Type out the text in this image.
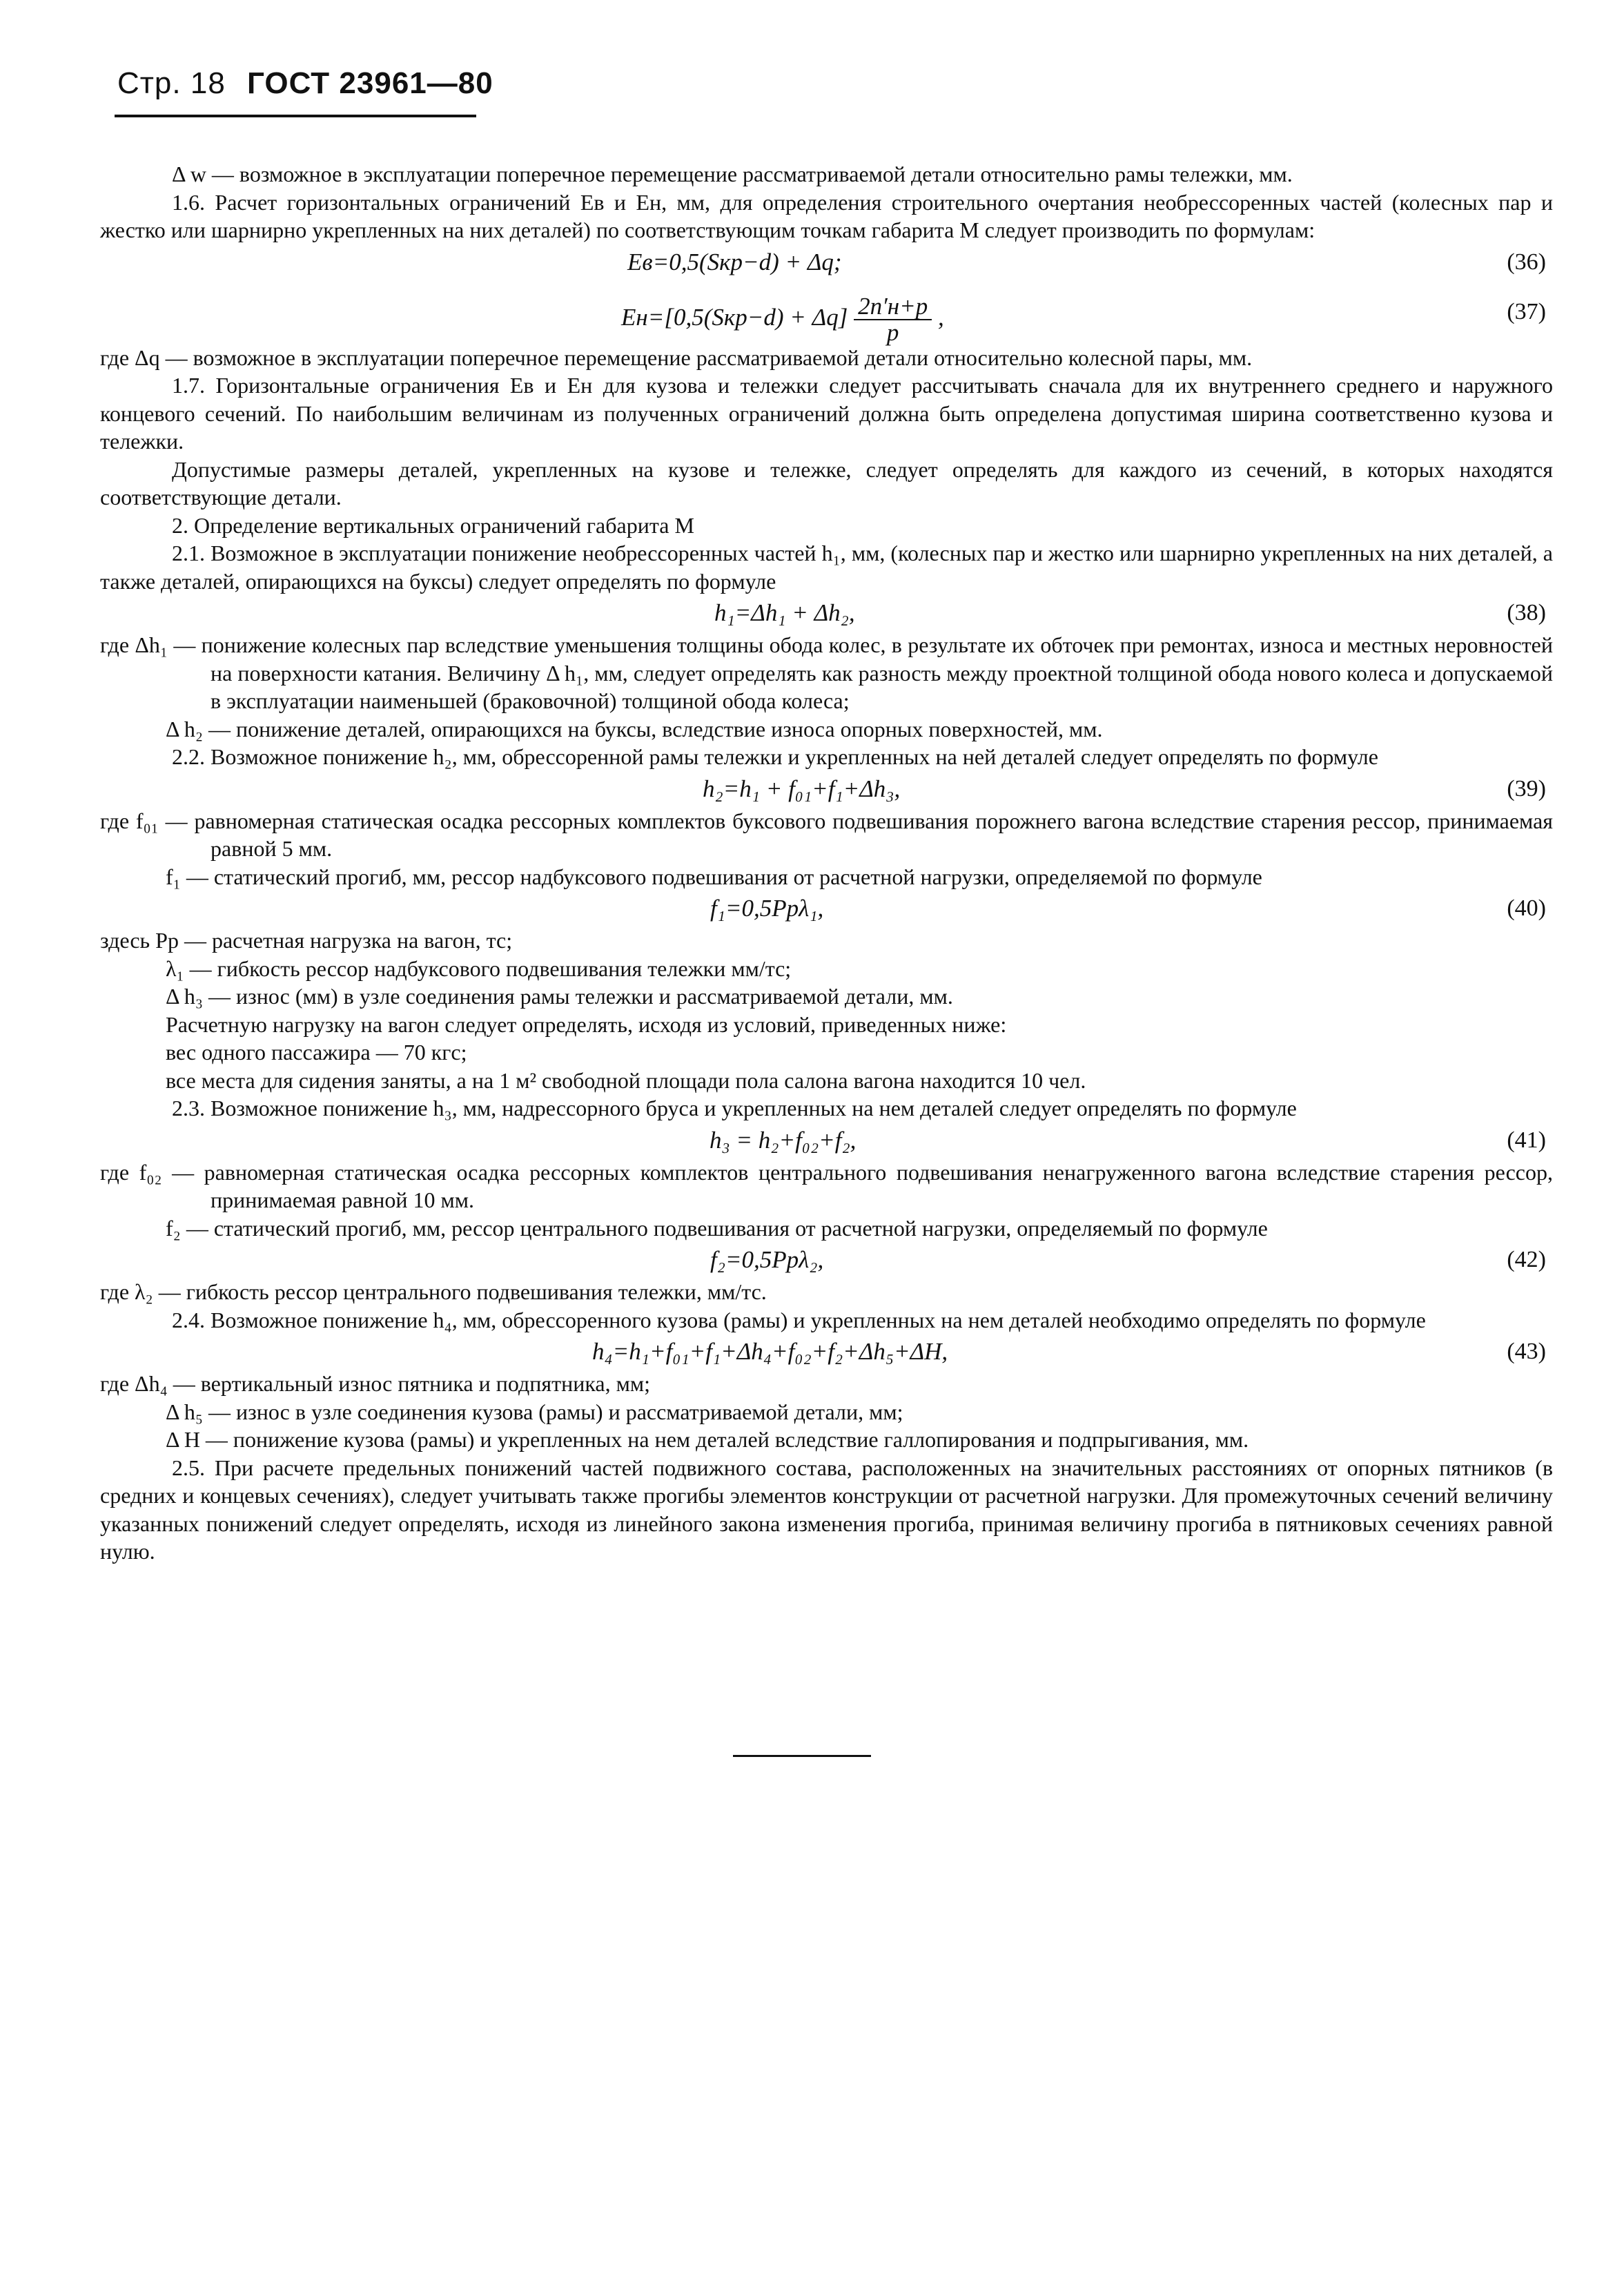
Стр. 18 ГОСТ 23961—80

Δ w — возможное в эксплуатации поперечное перемещение рассматриваемой детали относительно рамы тележки, мм.

1.6. Расчет горизонтальных ограничений Eв и Eн, мм, для определения строительного очертания необрессоренных частей (колесных пар и жестко или шарнирно укрепленных на них деталей) по соответствующим точкам габарита M следует производить по формулам:

Eв=0,5(Sкр−d) + Δq;	(36)
$Eн=[0,5(Sкр-d) + \Delta q] \frac{2n'н+p}{p}$ ,	(37)

где Δq — возможное в эксплуатации поперечное перемещение рассматриваемой детали относительно колесной пары, мм.

1.7. Горизонтальные ограничения Eв и Eн для кузова и тележки следует рассчитывать сначала для их внутреннего среднего и наружного концевого сечений. По наибольшим величинам из полученных ограничений должна быть определена допустимая ширина соответственно кузова и тележки.

Допустимые размеры деталей, укрепленных на кузове и тележке, следует определять для каждого из сечений, в которых находятся соответствующие детали.

2. Определение вертикальных ограничений габарита M

2.1. Возможное в эксплуатации понижение необрессоренных частей h₁, мм, (колесных пар и жестко или шарнирно укрепленных на них деталей, а также деталей, опирающихся на буксы) следует определять по формуле

h₁=Δh₁ + Δh₂,	(38)

где Δh₁ — понижение колесных пар вследствие уменьшения толщины обода колес, в результате их обточек при ремонтах, износа и местных неровностей на поверхности катания. Величину Δ h₁, мм, следует определять как разность между проектной толщиной обода нового колеса и допускаемой в эксплуатации наименьшей (браковочной) толщиной обода колеса;

Δ h₂ — понижение деталей, опирающихся на буксы, вследствие износа опорных поверхностей, мм.

2.2. Возможное понижение h₂, мм, обрессоренной рамы тележки и укрепленных на ней деталей следует определять по формуле

h₂=h₁ + f₀₁+f₁+Δh₃,	(39)

где f₀₁ — равномерная статическая осадка рессорных комплектов буксового подвешивания порожнего вагона вследствие старения рессор, принимаемая равной 5 мм.

f₁ — статический прогиб, мм, рессор надбуксового подвешивания от расчетной нагрузки, определяемой по формуле

f₁=0,5Pрλ₁,	(40)

здесь Pр — расчетная нагрузка на вагон, тс;

λ₁ — гибкость рессор надбуксового подвешивания тележки мм/тс;

Δ h₃ — износ (мм) в узле соединения рамы тележки и рассматриваемой детали, мм.

Расчетную нагрузку на вагон следует определять, исходя из условий, приведенных ниже:

вес одного пассажира — 70 кгс;

все места для сидения заняты, а на 1 м² свободной площади пола салона вагона находится 10 чел.

2.3. Возможное понижение h₃, мм, надрессорного бруса и укрепленных на нем деталей следует определять по формуле

h₃ = h₂+f₀₂+f₂,	(41)

где f₀₂ — равномерная статическая осадка рессорных комплектов центрального подвешивания ненагруженного вагона вследствие старения рессор, принимаемая равной 10 мм.

f₂ — статический прогиб, мм, рессор центрального подвешивания от расчетной нагрузки, определяемый по формуле

f₂=0,5Pрλ₂,	(42)

где λ₂ — гибкость рессор центрального подвешивания тележки, мм/тс.

2.4. Возможное понижение h₄, мм, обрессоренного кузова (рамы) и укрепленных на нем деталей необходимо определять по формуле

h₄=h₁+f₀₁+f₁+Δh₄+f₀₂+f₂+Δh₅+ΔH,	(43)

где Δh₄ — вертикальный износ пятника и подпятника, мм;

Δ h₅ — износ в узле соединения кузова (рамы) и рассматриваемой детали, мм;

Δ H — понижение кузова (рамы) и укрепленных на нем деталей вследствие галлопирования и подпрыгивания, мм.

2.5. При расчете предельных понижений частей подвижного состава, расположенных на значительных расстояниях от опорных пятников (в средних и концевых сечениях), следует учитывать также прогибы элементов конструкции от расчетной нагрузки. Для промежуточных сечений величину указанных понижений следует определять, исходя из линейного закона изменения прогиба, принимая величину прогиба в пятниковых сечениях равной нулю.
